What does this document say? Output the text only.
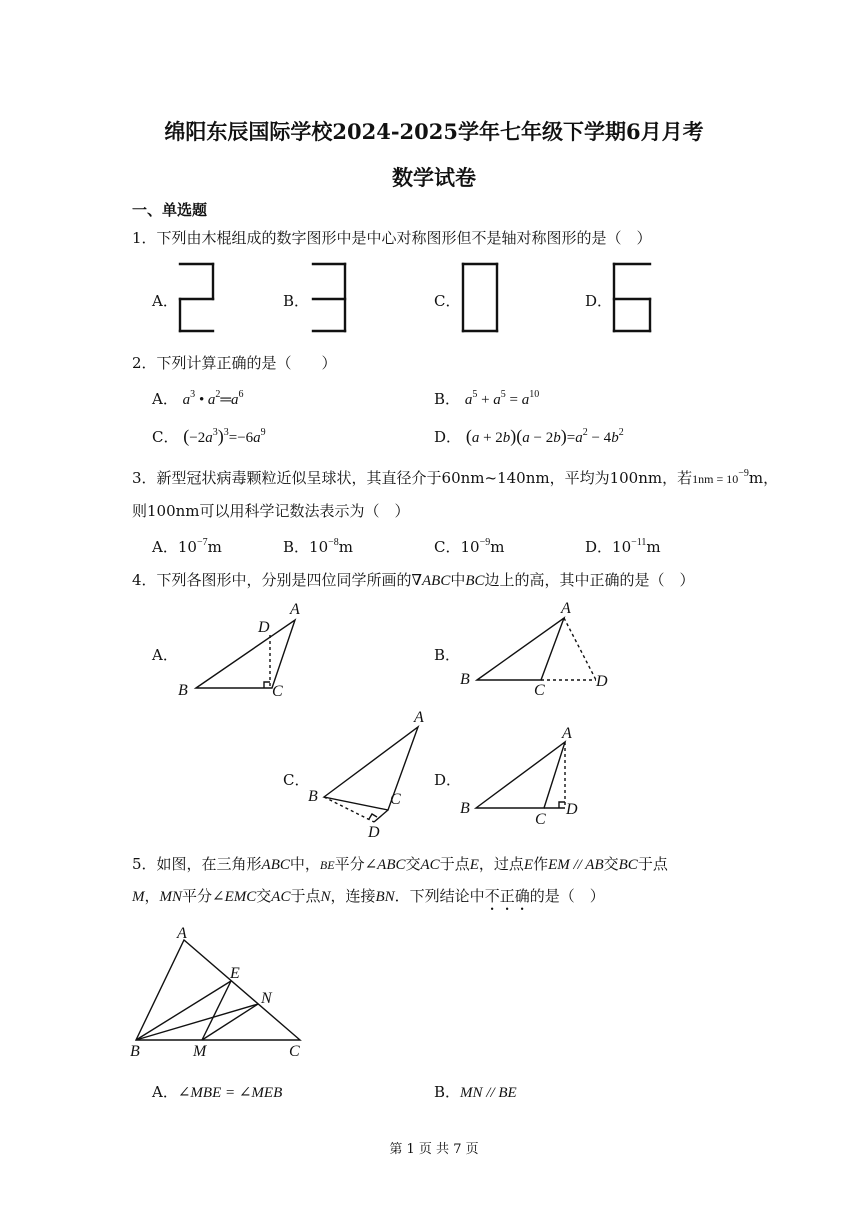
绵阳东辰国际学校2024-2025学年七年级下学期6月月考
数学试卷
一、单选题
1．下列由木棍组成的数字图形中是中心对称图形但不是轴对称图形的是（　）
A．	B．	C．	D．
2．下列计算正确的是（　　）
A． $a^3$ • $a^2═a^6$	B． $a^5 + a^5 = a^{10}$
C． $(-2a^3)^3=-6a^9$	D． $(a + 2b)(a - 2b)=a^2 - 4b^2$
3．新型冠状病毒颗粒近似呈球状，其直径介于60nm~140nm，平均为100nm，若$1nm = 10^{-9}m$，
则100nm可以用科学记数法表示为（　）
A．$10^{-7}m$	B．$10^{-8}m$	C．$10^{-9}m$	D．$10^{-11}m$
4．下列各图形中，分别是四位同学所画的∇ABC中BC边上的高，其中正确的是（　）
A．	B．
C．	D．
A
D
B	C
A
B
C
D
A
B	C
D
A
B
C
D
5．如图，在三角形ABC中，BE平分∠ABC交AC于点E，过点E作EM // AB交BC于点
M，MN平分∠EMC交AC于点N，连接BN．下列结论中不正确的是（　）
A
E
N
B	M	C
A．∠MBE = ∠MEB	B．MN // BE
第 1 页 共 7 页
